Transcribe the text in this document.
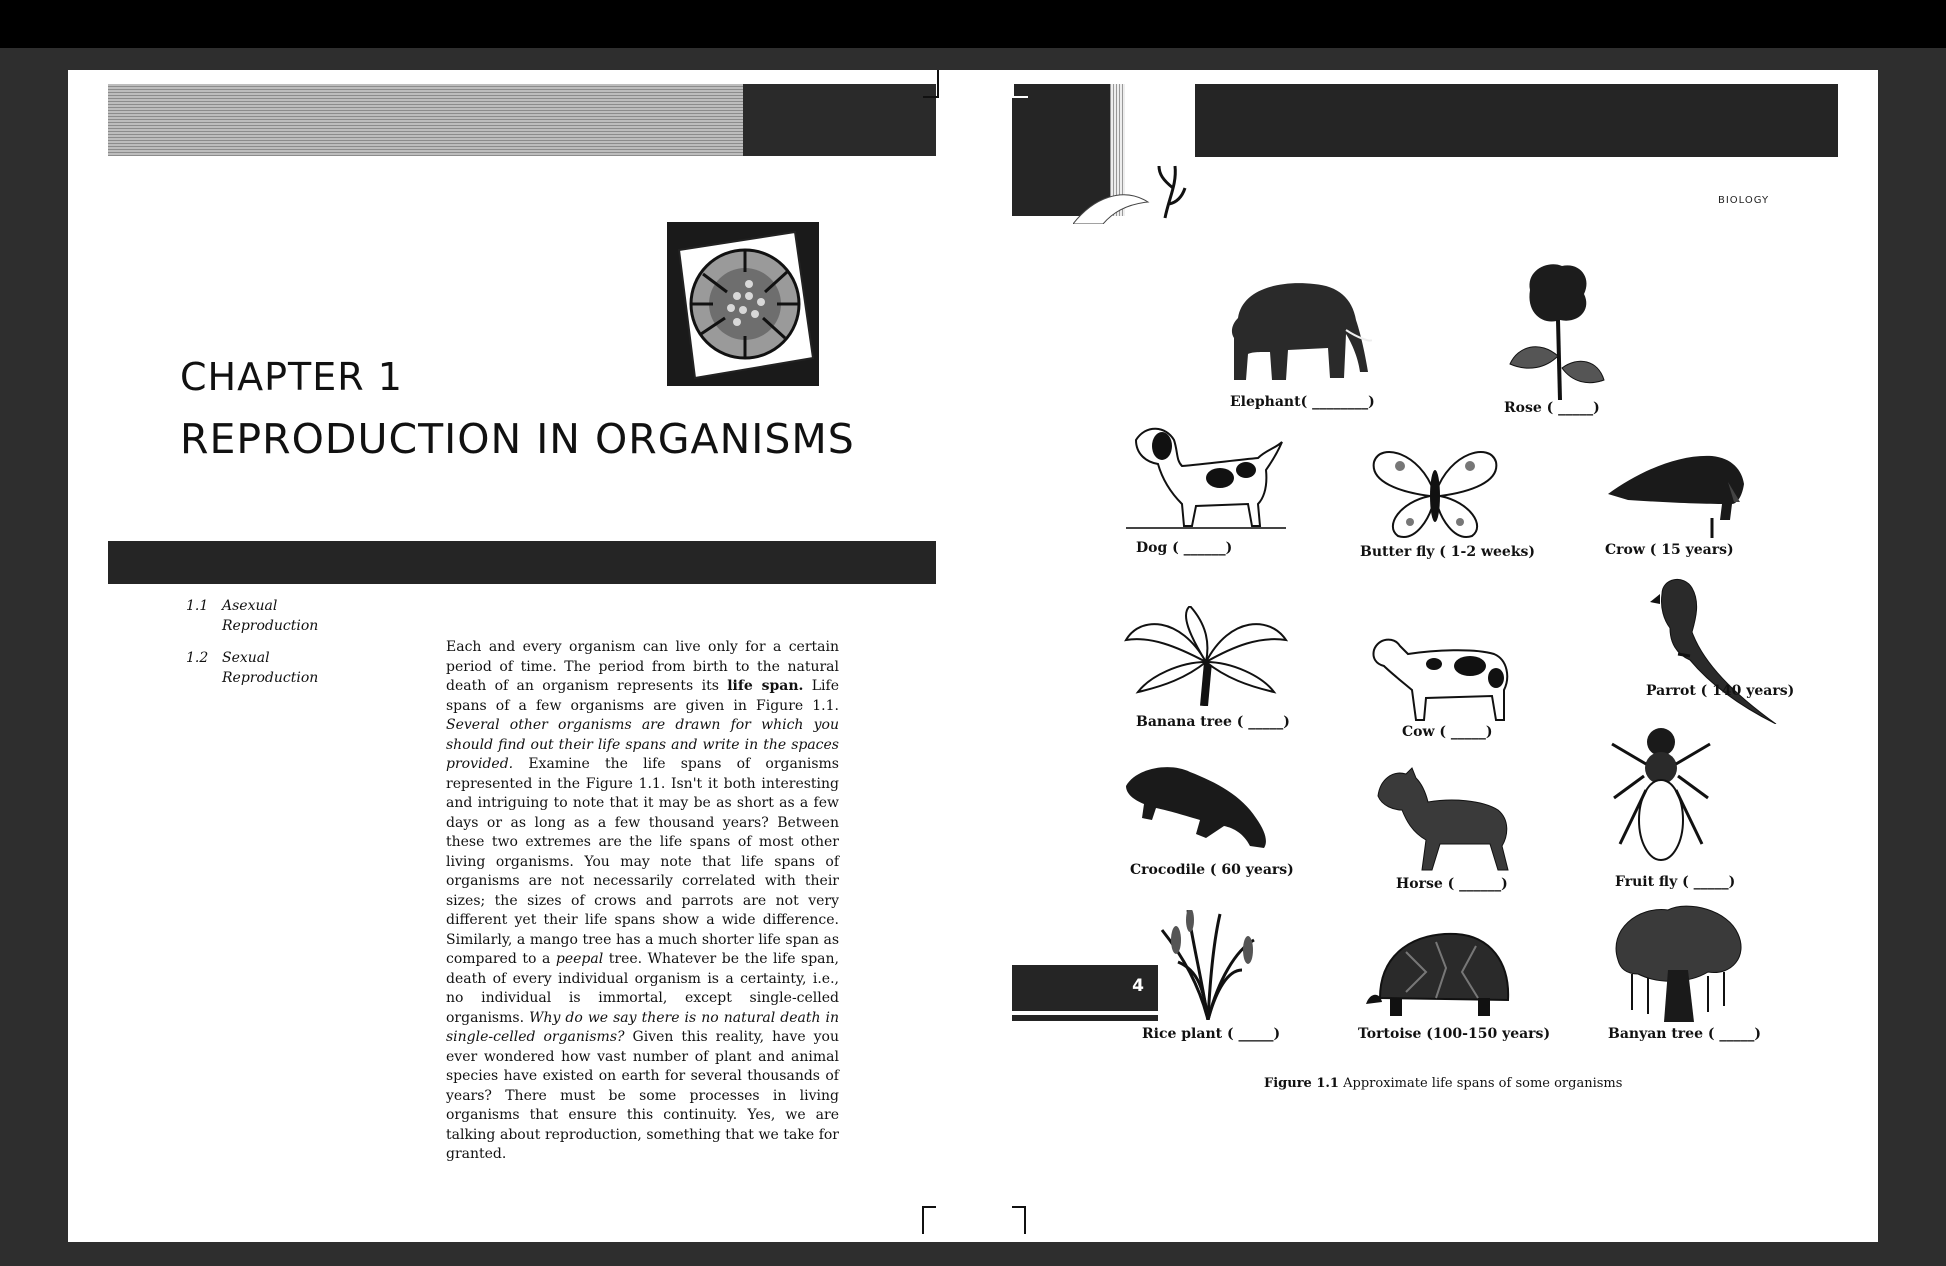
CHAPTER 1
REPRODUCTION IN ORGANISMS
1.1 Asexual Reproduction
1.2 Sexual Reproduction
Each and every organism can live only for a certain period of time. The period from birth to the natural death of an organism represents its life span. Life spans of a few organisms are given in Figure 1.1. Several other organisms are drawn for which you should find out their life spans and write in the spaces provided. Examine the life spans of organisms represented in the Figure 1.1. Isn't it both interesting and intriguing to note that it may be as short as a few days or as long as a few thousand years? Between these two extremes are the life spans of most other living organisms. You may note that life spans of organisms are not necessarily correlated with their sizes; the sizes of crows and parrots are not very different yet their life spans show a wide difference. Similarly, a mango tree has a much shorter life span as compared to a peepal tree. Whatever be the life span, death of every individual organism is a certainty, i.e., no individual is immortal, except single-celled organisms. Why do we say there is no natural death in single-celled organisms? Given this reality, have you ever wondered how vast number of plant and animal species have existed on earth for several thousands of years? There must be some processes in living organisms that ensure this continuity. Yes, we are talking about reproduction, something that we take for granted.
BIOLOGY
Elephant( ________)	Rose ( _____)
Dog ( ______)	Butter fly ( 1-2 weeks)	Crow ( 15 years)
Banana tree ( _____)
Cow ( _____)
Parrot ( 140 years)
Crocodile ( 60 years)
Horse ( ______)	Fruit fly ( _____)
Rice plant ( _____)	Tortoise (100-150 years)	Banyan tree ( _____)
4
Figure 1.1 Approximate life spans of some organisms
